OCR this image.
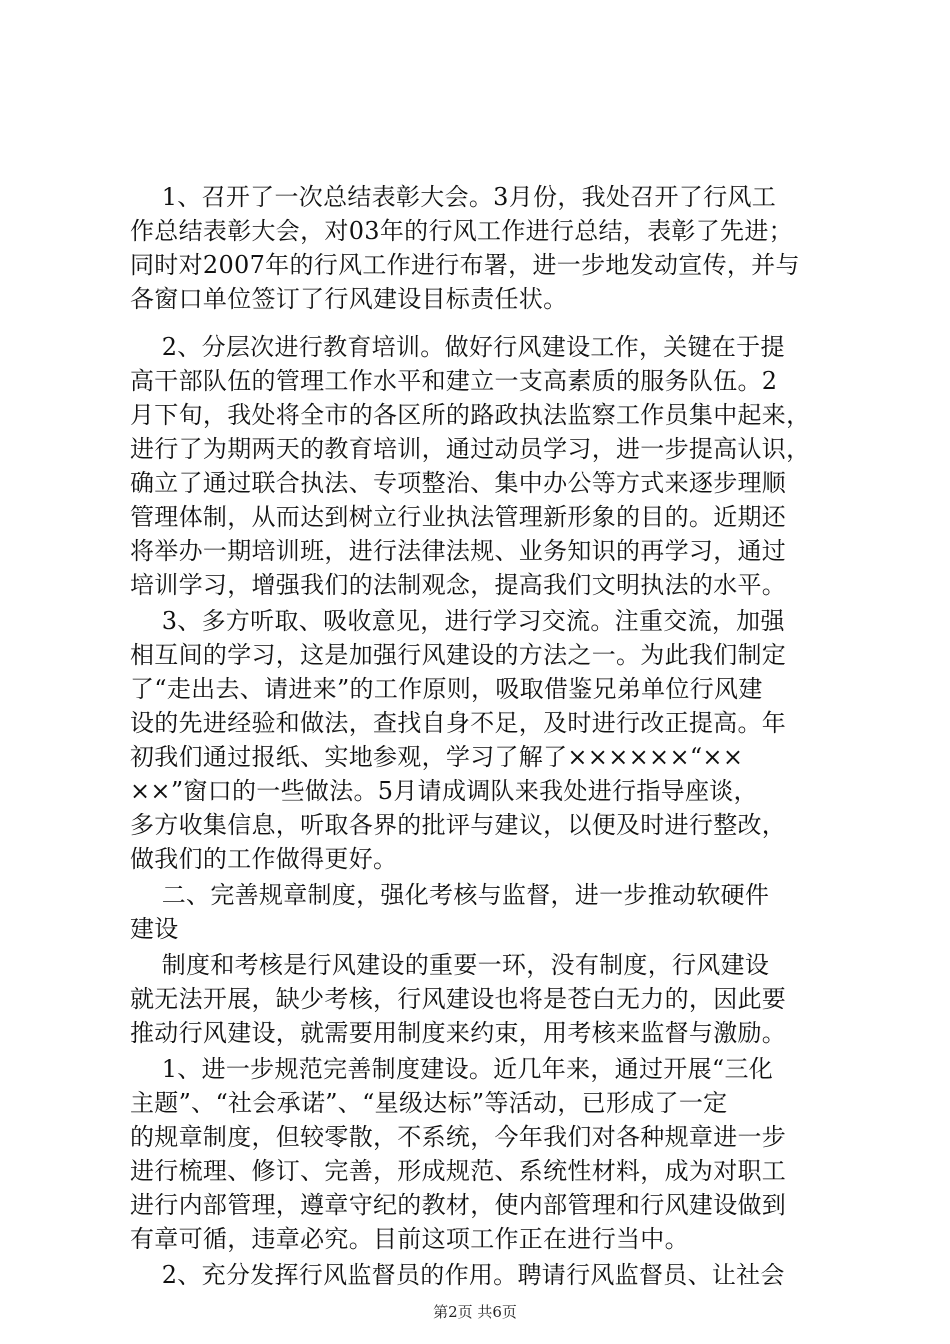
1、召开了一次总结表彰大会。3月份，我处召开了行风工
作总结表彰大会，对03年的行风工作进行总结，表彰了先进；
同时对2007年的行风工作进行布署，进一步地发动宣传，并与
各窗口单位签订了行风建设目标责任状。
2、分层次进行教育培训。做好行风建设工作，关键在于提
高干部队伍的管理工作水平和建立一支高素质的服务队伍。2
月下旬，我处将全市的各区所的路政执法监察工作员集中起来，
进行了为期两天的教育培训，通过动员学习，进一步提高认识，
确立了通过联合执法、专项整治、集中办公等方式来逐步理顺
管理体制，从而达到树立行业执法管理新形象的目的。近期还
将举办一期培训班，进行法律法规、业务知识的再学习，通过
培训学习，增强我们的法制观念，提高我们文明执法的水平。
3、多方听取、吸收意见，进行学习交流。注重交流，加强
相互间的学习，这是加强行风建设的方法之一。为此我们制定
了“走出去、请进来”的工作原则，吸取借鉴兄弟单位行风建
设的先进经验和做法，查找自身不足，及时进行改正提高。年
初我们通过报纸、实地参观，学习了解了××××××“××
××”窗口的一些做法。5月请成调队来我处进行指导座谈，
多方收集信息，听取各界的批评与建议，以便及时进行整改，
做我们的工作做得更好。
二、完善规章制度，强化考核与监督，进一步推动软硬件
建设
制度和考核是行风建设的重要一环，没有制度，行风建设
就无法开展，缺少考核，行风建设也将是苍白无力的，因此要
推动行风建设，就需要用制度来约束，用考核来监督与激励。
1、进一步规范完善制度建设。近几年来，通过开展“三化
主题”、“社会承诺”、“星级达标”等活动，已形成了一定
的规章制度，但较零散，不系统，今年我们对各种规章进一步
进行梳理、修订、完善，形成规范、系统性材料，成为对职工
进行内部管理，遵章守纪的教材，使内部管理和行风建设做到
有章可循，违章必究。目前这项工作正在进行当中。
2、充分发挥行风监督员的作用。聘请行风监督员、让社会
第2页 共6页
